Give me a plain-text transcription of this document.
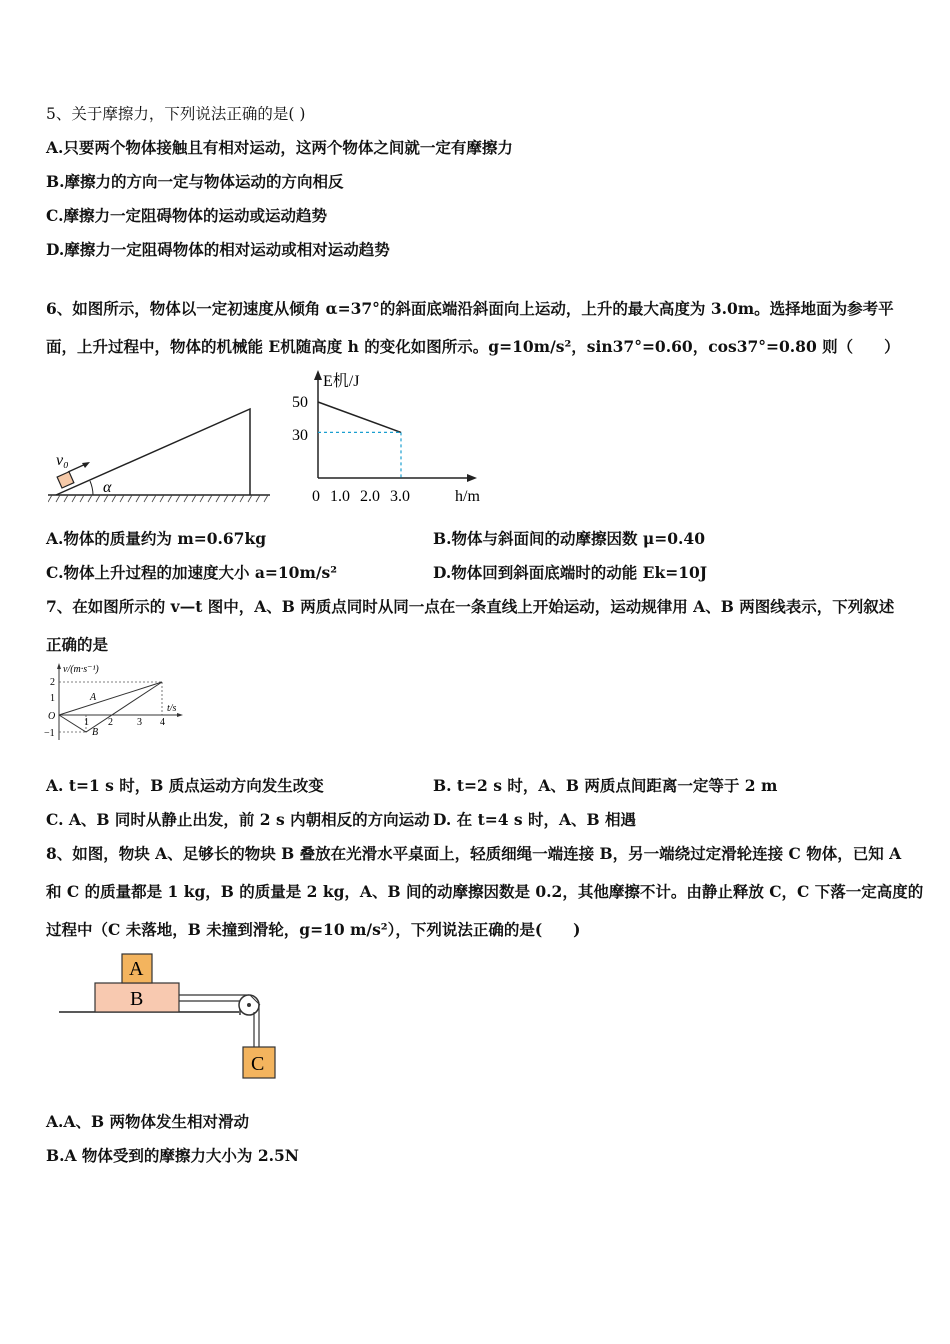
5、关于摩擦力，下列说法正确的是( )
A.只要两个物体接触且有相对运动，这两个物体之间就一定有摩擦力
B.摩擦力的方向一定与物体运动的方向相反
C.摩擦力一定阻碍物体的运动或运动趋势
D.摩擦力一定阻碍物体的相对运动或相对运动趋势
6、如图所示，物体以一定初速度从倾角 α=37°的斜面底端沿斜面向上运动，上升的最大高度为 3.0m。选择地面为参考平
面，上升过程中，物体的机械能 E机随高度 h 的变化如图所示。g=10m/s²，sin37°=0.60，cos37°=0.80 则（　　）
v₀
α
E机/J
50
30
0 1.0 2.0 3.0	h/m
A.物体的质量约为 m=0.67kg	B.物体与斜面间的动摩擦因数 μ=0.40
C.物体上升过程的加速度大小 a=10m/s²	D.物体回到斜面底端时的动能 Ek=10J
7、在如图所示的 v—t 图中，A、B 两质点同时从同一点在一条直线上开始运动，运动规律用 A、B 两图线表示，下列叙述
正确的是
v/(m·s⁻¹)
t/s
O
2
1
−1
1 2 3 4
A
B
A. t=1 s 时，B 质点运动方向发生改变	B. t=2 s 时，A、B 两质点间距离一定等于 2 m
C. A、B 同时从静止出发，前 2 s 内朝相反的方向运动 D. 在 t=4 s 时，A、B 相遇
8、如图，物块 A、足够长的物块 B 叠放在光滑水平桌面上，轻质细绳一端连接 B，另一端绕过定滑轮连接 C 物体，已知 A
和 C 的质量都是 1 kg，B 的质量是 2 kg，A、B 间的动摩擦因数是 0.2，其他摩擦不计。由静止释放 C，C 下落一定高度的
过程中（C 未落地，B 未撞到滑轮，g=10 m/s²），下列说法正确的是(　　)
B
A
C
A.A、B 两物体发生相对滑动
B.A 物体受到的摩擦力大小为 2.5N
